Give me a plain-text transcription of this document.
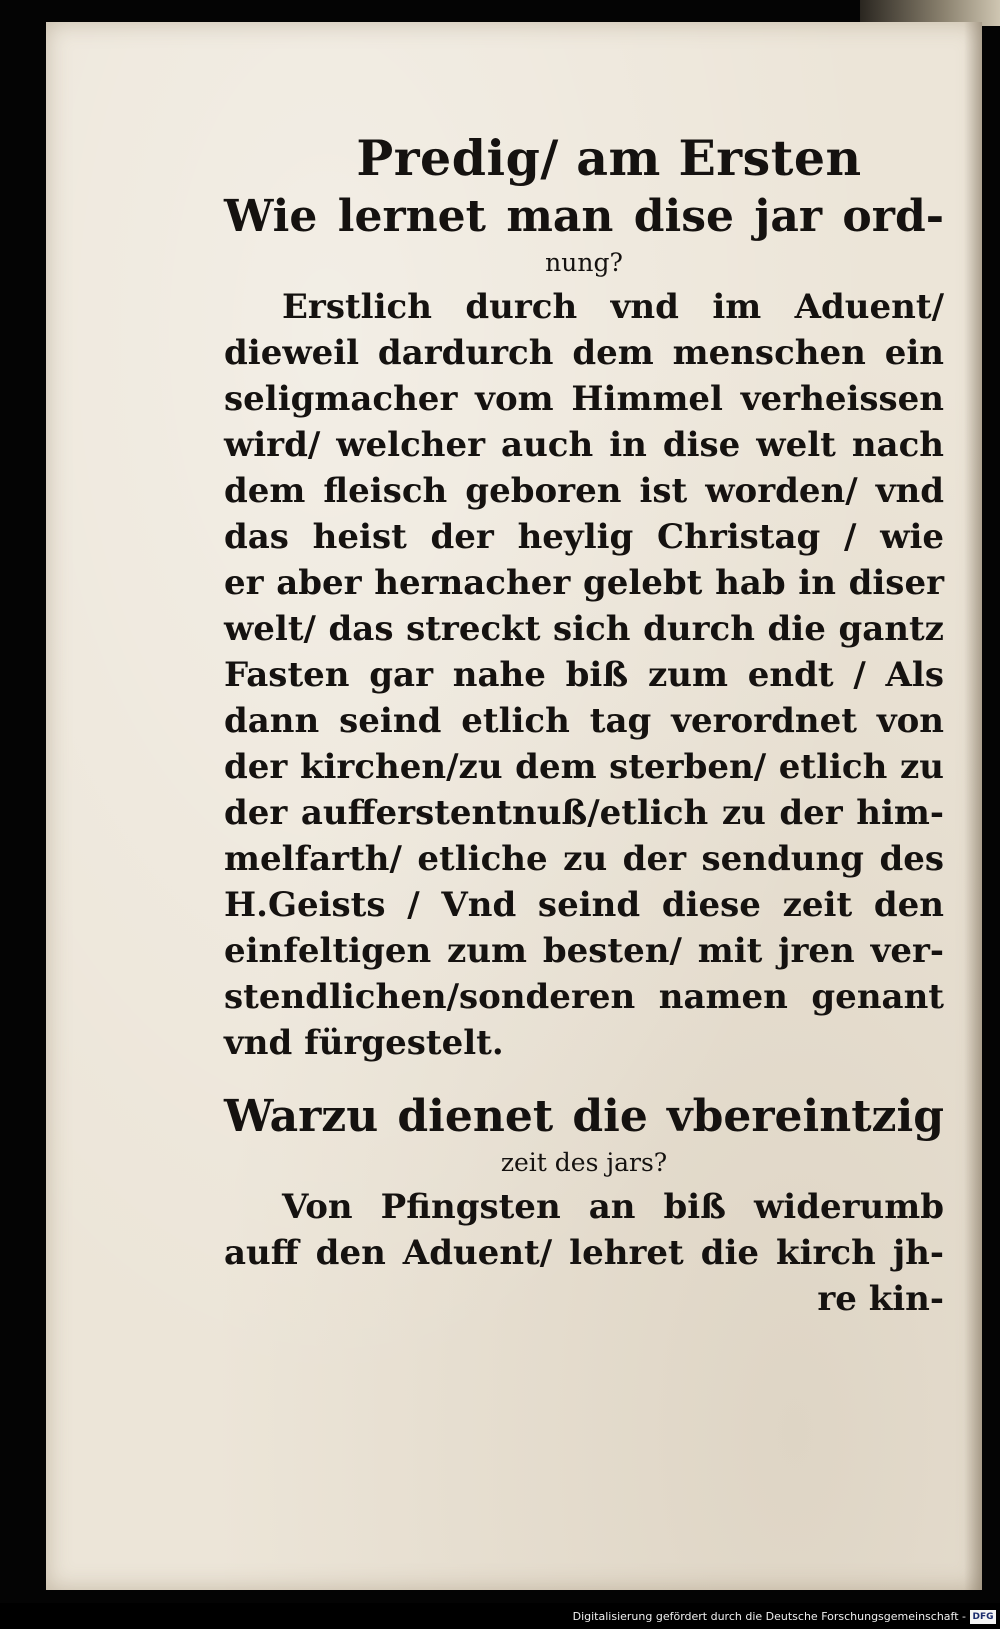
Predig/ am Ersten
Wie lernet man dise jar ord-
nung?
Erstlich durch vnd im Aduent/
dieweil dardurch dem menschen ein
seligmacher vom Himmel verheissen
wird/ welcher auch in dise welt nach
dem fleisch geboren ist worden/ vnd
das heist der heylig Christag / wie
er aber hernacher gelebt hab in diser
welt/ das streckt sich durch die gantz
Fasten gar nahe biß zum endt / Als
dann seind etlich tag verordnet von
der kirchen/zu dem sterben/ etlich zu
der aufferstentnuß/etlich zu der him-
melfarth/ etliche zu der sendung des
H.Geists / Vnd seind diese zeit den
einfeltigen zum besten/ mit jren ver-
stendlichen/sonderen namen genant
vnd fürgestelt.
Warzu dienet die vbereintzig
zeit des jars?
Von Pfingsten an biß widerumb
auff den Aduent/ lehret die kirch jh-
re kin-
Digitalisierung gefördert durch die Deutsche Forschungsgemeinschaft - DFG
